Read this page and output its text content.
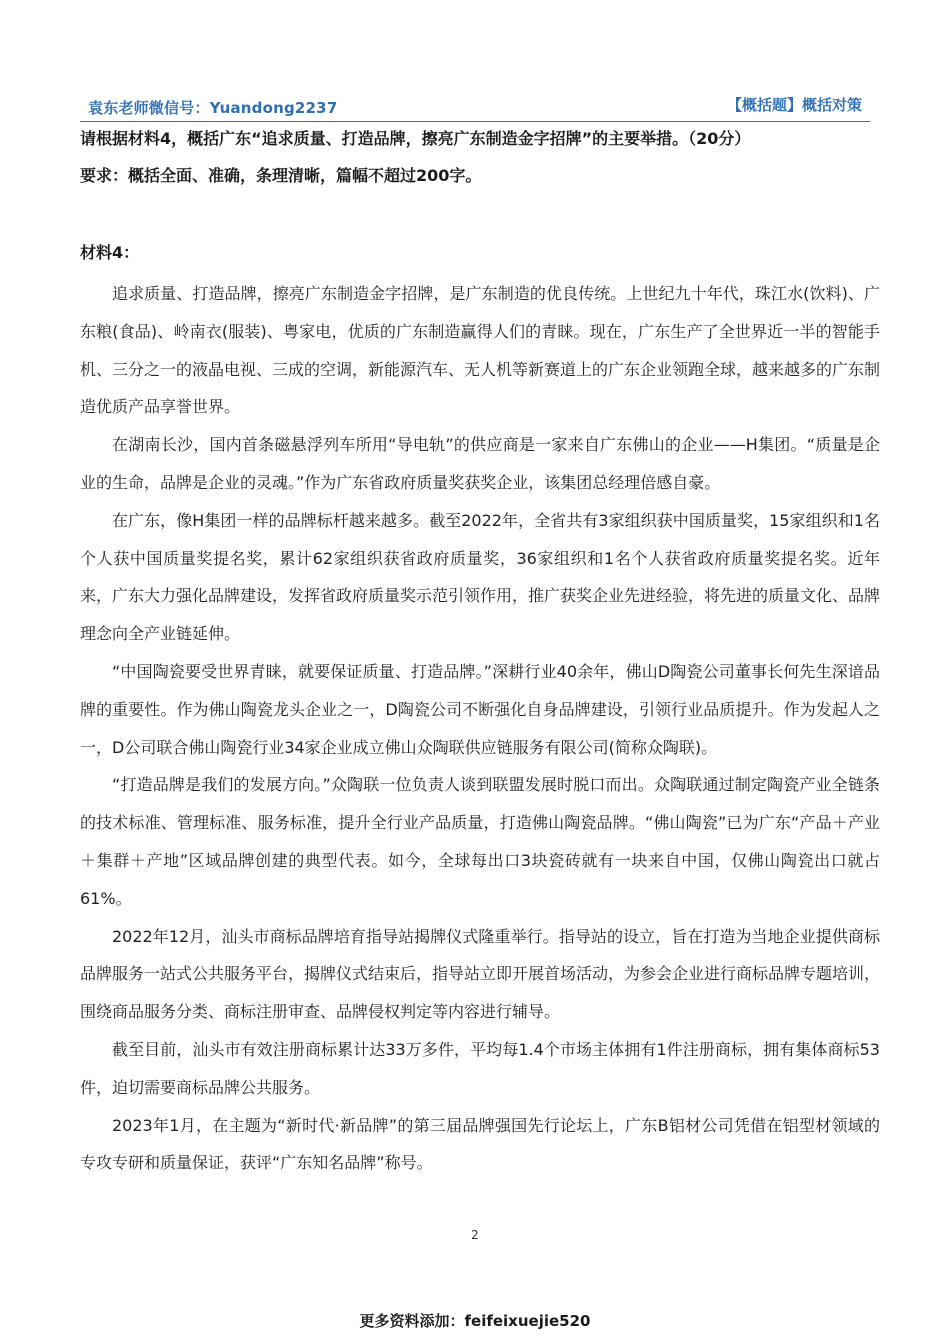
袁东老师微信号：Yuandong2237	【概括题】概括对策
请根据材料4，概括广东“追求质量、打造品牌，擦亮广东制造金字招牌”的主要举措。（20分）
要求：概括全面、准确，条理清晰，篇幅不超过200字。
材料4：

追求质量、打造品牌，擦亮广东制造金字招牌，是广东制造的优良传统。上世纪九十年代，珠江水(饮料)、广东粮(食品)、岭南衣(服装)、粤家电，优质的广东制造赢得人们的青睐。现在，广东生产了全世界近一半的智能手机、三分之一的液晶电视、三成的空调，新能源汽车、无人机等新赛道上的广东企业领跑全球，越来越多的广东制造优质产品享誉世界。

在湖南长沙，国内首条磁悬浮列车所用“导电轨”的供应商是一家来自广东佛山的企业——H集团。“质量是企业的生命，品牌是企业的灵魂。”作为广东省政府质量奖获奖企业，该集团总经理倍感自豪。

在广东，像H集团一样的品牌标杆越来越多。截至2022年，全省共有3家组织获中国质量奖，15家组织和1名个人获中国质量奖提名奖，累计62家组织获省政府质量奖，36家组织和1名个人获省政府质量奖提名奖。近年来，广东大力强化品牌建设，发挥省政府质量奖示范引领作用，推广获奖企业先进经验，将先进的质量文化、品牌理念向全产业链延伸。

“中国陶瓷要受世界青睐，就要保证质量、打造品牌。”深耕行业40余年，佛山D陶瓷公司董事长何先生深谙品牌的重要性。作为佛山陶瓷龙头企业之一，D陶瓷公司不断强化自身品牌建设，引领行业品质提升。作为发起人之一，D公司联合佛山陶瓷行业34家企业成立佛山众陶联供应链服务有限公司(简称众陶联)。

“打造品牌是我们的发展方向。”众陶联一位负责人谈到联盟发展时脱口而出。众陶联通过制定陶瓷产业全链条的技术标准、管理标准、服务标准，提升全行业产品质量，打造佛山陶瓷品牌。“佛山陶瓷”已为广东“产品＋产业＋集群＋产地”区域品牌创建的典型代表。如今，全球每出口3块瓷砖就有一块来自中国，仅佛山陶瓷出口就占61%。

2022年12月，汕头市商标品牌培育指导站揭牌仪式隆重举行。指导站的设立，旨在打造为当地企业提供商标品牌服务一站式公共服务平台，揭牌仪式结束后，指导站立即开展首场活动，为参会企业进行商标品牌专题培训，围绕商品服务分类、商标注册审查、品牌侵权判定等内容进行辅导。

截至目前，汕头市有效注册商标累计达33万多件，平均每1.4个市场主体拥有1件注册商标，拥有集体商标53件，迫切需要商标品牌公共服务。

2023年1月，在主题为“新时代·新品牌”的第三届品牌强国先行论坛上，广东B铝材公司凭借在铝型材领域的专攻专研和质量保证，获评“广东知名品牌”称号。

2
更多资料添加：feifeixuejie520
